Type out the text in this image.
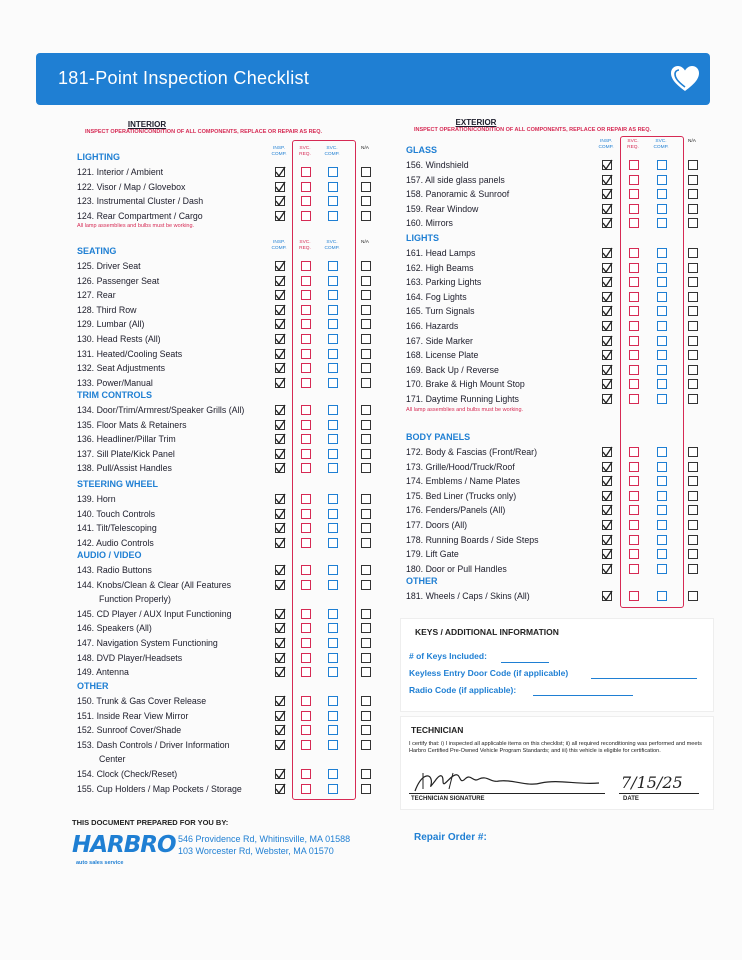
181-Point Inspection Checklist
INTERIOR
INSPECT OPERATION/CONDITION OF ALL COMPONENTS, REPLACE OR REPAIR AS REQ.
LIGHTING
INSP. COMP.
SVC. REQ.
SVC. COMP.
N/A
121. Interior / Ambient
122. Visor / Map / Glovebox
123. Instrumental Cluster / Dash
124. Rear Compartment / Cargo
All lamp assemblies and bulbs must be working.
SEATING
INSP. COMP.
SVC. REQ.
SVC. COMP.
N/A
125. Driver Seat
126. Passenger Seat
127. Rear
128. Third Row
129. Lumbar (All)
130. Head Rests (All)
131. Heated/Cooling Seats
132. Seat Adjustments
133. Power/Manual
TRIM CONTROLS
134. Door/Trim/Armrest/Speaker Grills (All)
135. Floor Mats & Retainers
136. Headliner/Pillar Trim
137. Sill Plate/Kick Panel
138. Pull/Assist Handles
STEERING WHEEL
139. Horn
140. Touch Controls
141. Tilt/Telescoping
142. Audio Controls
AUDIO / VIDEO
143. Radio Buttons
144. Knobs/Clean & Clear (All Features
Function Properly)
145. CD Player / AUX Input Functioning
146. Speakers (All)
147. Navigation System Functioning
148. DVD Player/Headsets
149. Antenna
OTHER
150. Trunk & Gas Cover Release
151. Inside Rear View Mirror
152. Sunroof Cover/Shade
153. Dash Controls / Driver Information
Center
154. Clock (Check/Reset)
155. Cup Holders / Map Pockets / Storage
EXTERIOR
INSPECT OPERATION/CONDITION OF ALL COMPONENTS, REPLACE OR REPAIR AS REQ.
GLASS
INSP. COMP.
SVC. REQ.
SVC. COMP.
N/A
156. Windshield
157. All side glass panels
158. Panoramic & Sunroof
159. Rear Window
160. Mirrors
LIGHTS
161. Head Lamps
162. High Beams
163. Parking Lights
164. Fog Lights
165. Turn Signals
166. Hazards
167. Side Marker
168. License Plate
169. Back Up / Reverse
170. Brake & High Mount Stop
171. Daytime Running Lights
All lamp assemblies and bulbs must be working.
BODY PANELS
172. Body & Fascias (Front/Rear)
173. Grille/Hood/Truck/Roof
174. Emblems / Name Plates
175. Bed Liner (Trucks only)
176. Fenders/Panels (All)
177. Doors (All)
178. Running Boards / Side Steps
179. Lift Gate
180. Door or Pull Handles
OTHER
181. Wheels / Caps / Skins (All)
KEYS / ADDITIONAL INFORMATION
# of Keys Included:
Keyless Entry Door Code (if applicable)
Radio Code (if applicable):
TECHNICIAN
I certify that: i) I inspected all applicable items on this checklist; ii) all required reconditioning was performed and meets Harbro Certified Pre-Owned Vehicle Program Standards; and iii) this vehicle is eligible for certification.
TECHNICIAN SIGNATURE
7/15/25
DATE
THIS DOCUMENT PREPARED FOR YOU BY:
HARBRO
auto sales service
546 Providence Rd, Whitinsville, MA 01588
103 Worcester Rd, Webster, MA 01570
Repair Order #:
